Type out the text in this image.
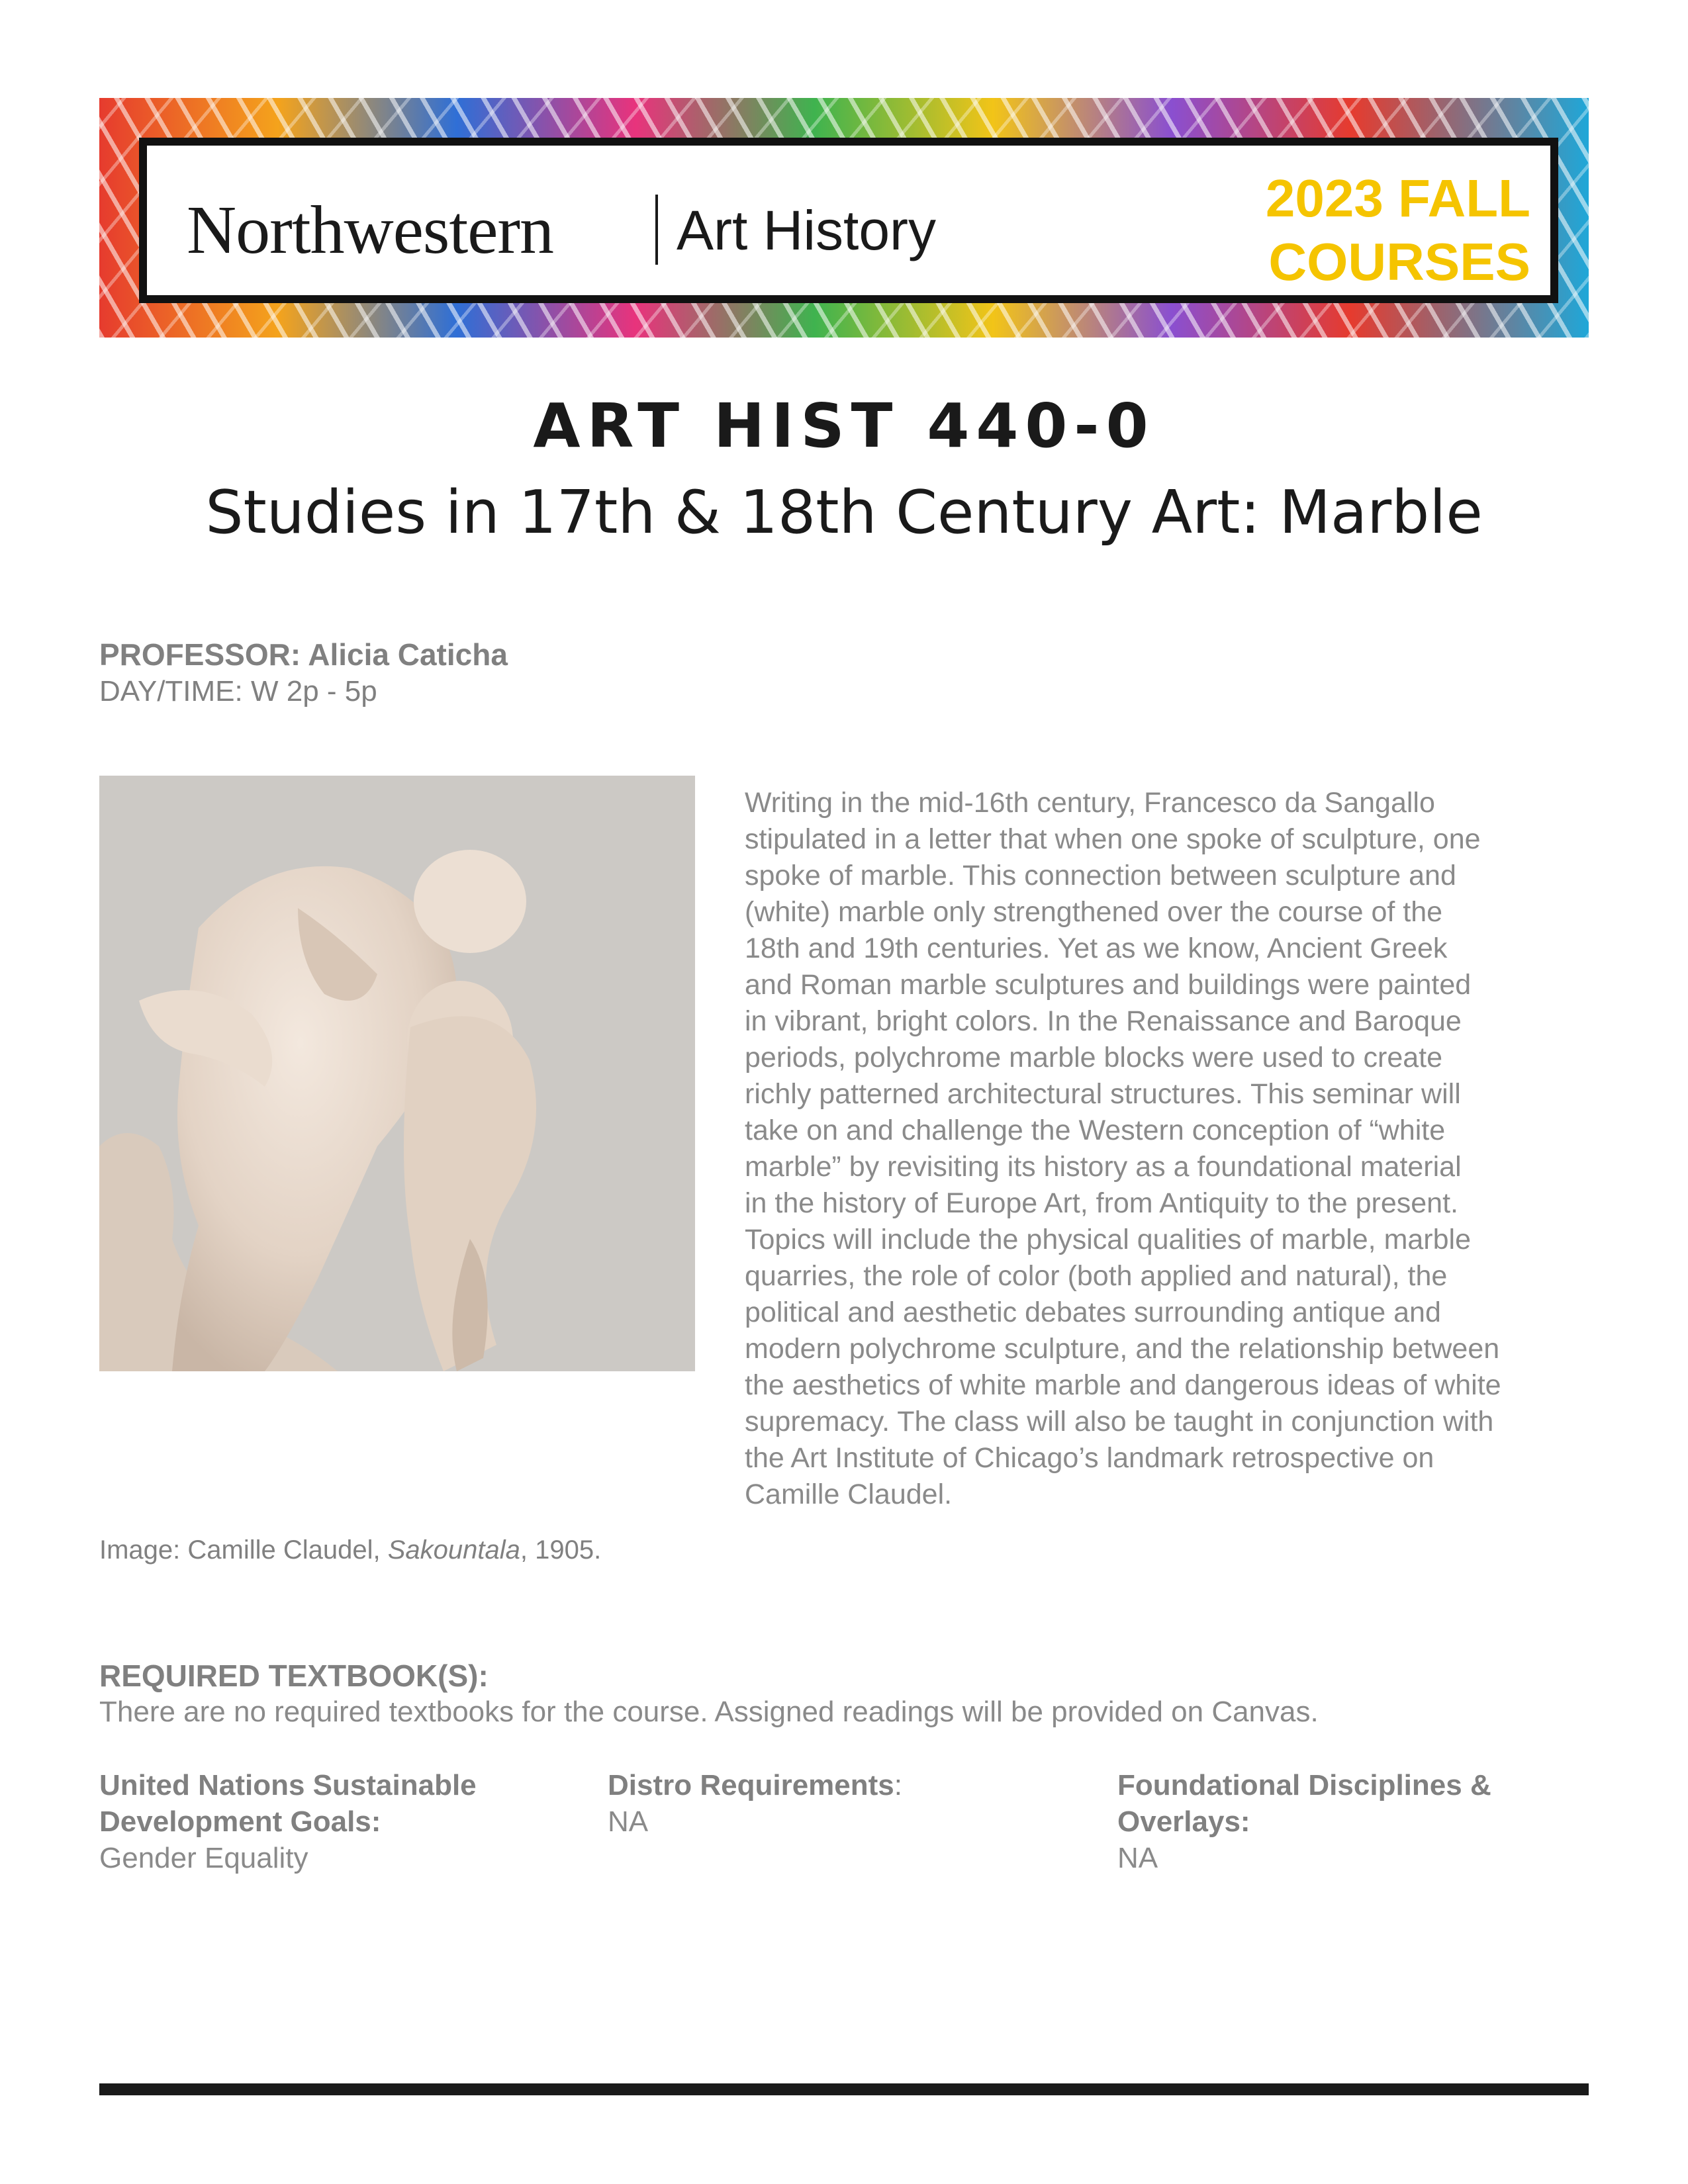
Northwestern Art History
2023 FALL
COURSES
ART HIST 440-0
Studies in 17th & 18th Century Art: Marble
PROFESSOR: Alicia Caticha
DAY/TIME: W 2p - 5p
Image: Camille Claudel, Sakountala, 1905.
Writing in the mid-16th century, Francesco da Sangallo
stipulated in a letter that when one spoke of sculpture, one
spoke of marble. This connection between sculpture and
(white) marble only strengthened over the course of the
18th and 19th centuries. Yet as we know, Ancient Greek
and Roman marble sculptures and buildings were painted
in vibrant, bright colors. In the Renaissance and Baroque
periods, polychrome marble blocks were used to create
richly patterned architectural structures. This seminar will
take on and challenge the Western conception of “white
marble” by revisiting its history as a foundational material
in the history of Europe Art, from Antiquity to the present.
Topics will include the physical qualities of marble, marble
quarries, the role of color (both applied and natural), the
political and aesthetic debates surrounding antique and
modern polychrome sculpture, and the relationship between
the aesthetics of white marble and dangerous ideas of white
supremacy. The class will also be taught in conjunction with
the Art Institute of Chicago’s landmark retrospective on
Camille Claudel.
REQUIRED TEXTBOOK(S):
There are no required textbooks for the course. Assigned readings will be provided on Canvas.
United Nations Sustainable
Development Goals:
Gender Equality
Distro Requirements:
NA
Foundational Disciplines &
Overlays:
NA
